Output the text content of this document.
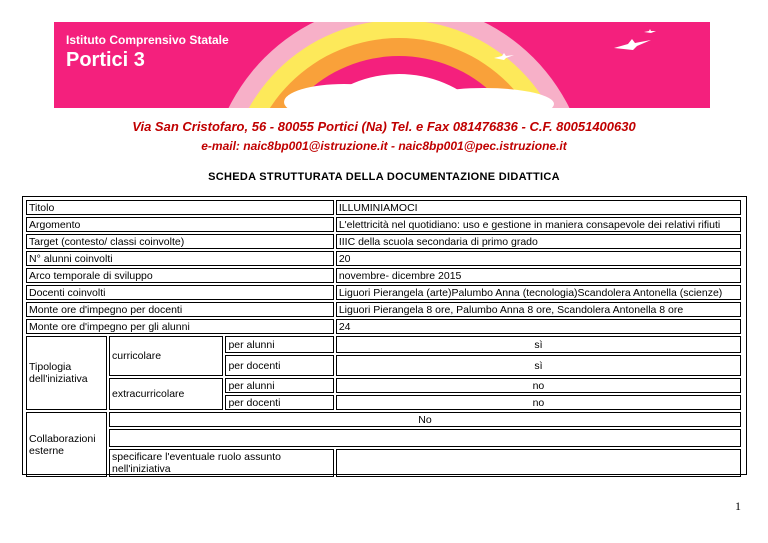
Istituto Comprensivo Statale
Portici 3
Via San Cristofaro, 56 - 80055 Portici (Na) Tel. e Fax 081476836 - C.F. 80051400630
e-mail: naic8bp001@istruzione.it - naic8bp001@pec.istruzione.it
SCHEDA STRUTTURATA DELLA DOCUMENTAZIONE DIDATTICA
Titolo			ILLUMINIAMOCI
Argomento			L'elettricità nel quotidiano: uso e gestione in maniera consapevole dei relativi rifiuti
Target (contesto/ classi coinvolte)			IIIC della scuola secondaria di primo grado
N° alunni coinvolti			20
Arco temporale di sviluppo			novembre- dicembre 2015
Docenti coinvolti			Liguori Pierangela (arte)Palumbo Anna (tecnologia)Scandolera Antonella (scienze)
Monte ore d'impegno per docenti			Liguori Pierangela 8 ore, Palumbo Anna 8 ore, Scandolera Antonella 8 ore
Monte ore d'impegno per gli alunni			24
Tipologia dell'iniziativa	curricolare	per alunni	sì
		per docenti	sì
	extracurricolare	per alunni	no
		per docenti	no
Collaborazioni esterne	No		

	specificare l'eventuale ruolo assunto nell'iniziativa		
1
